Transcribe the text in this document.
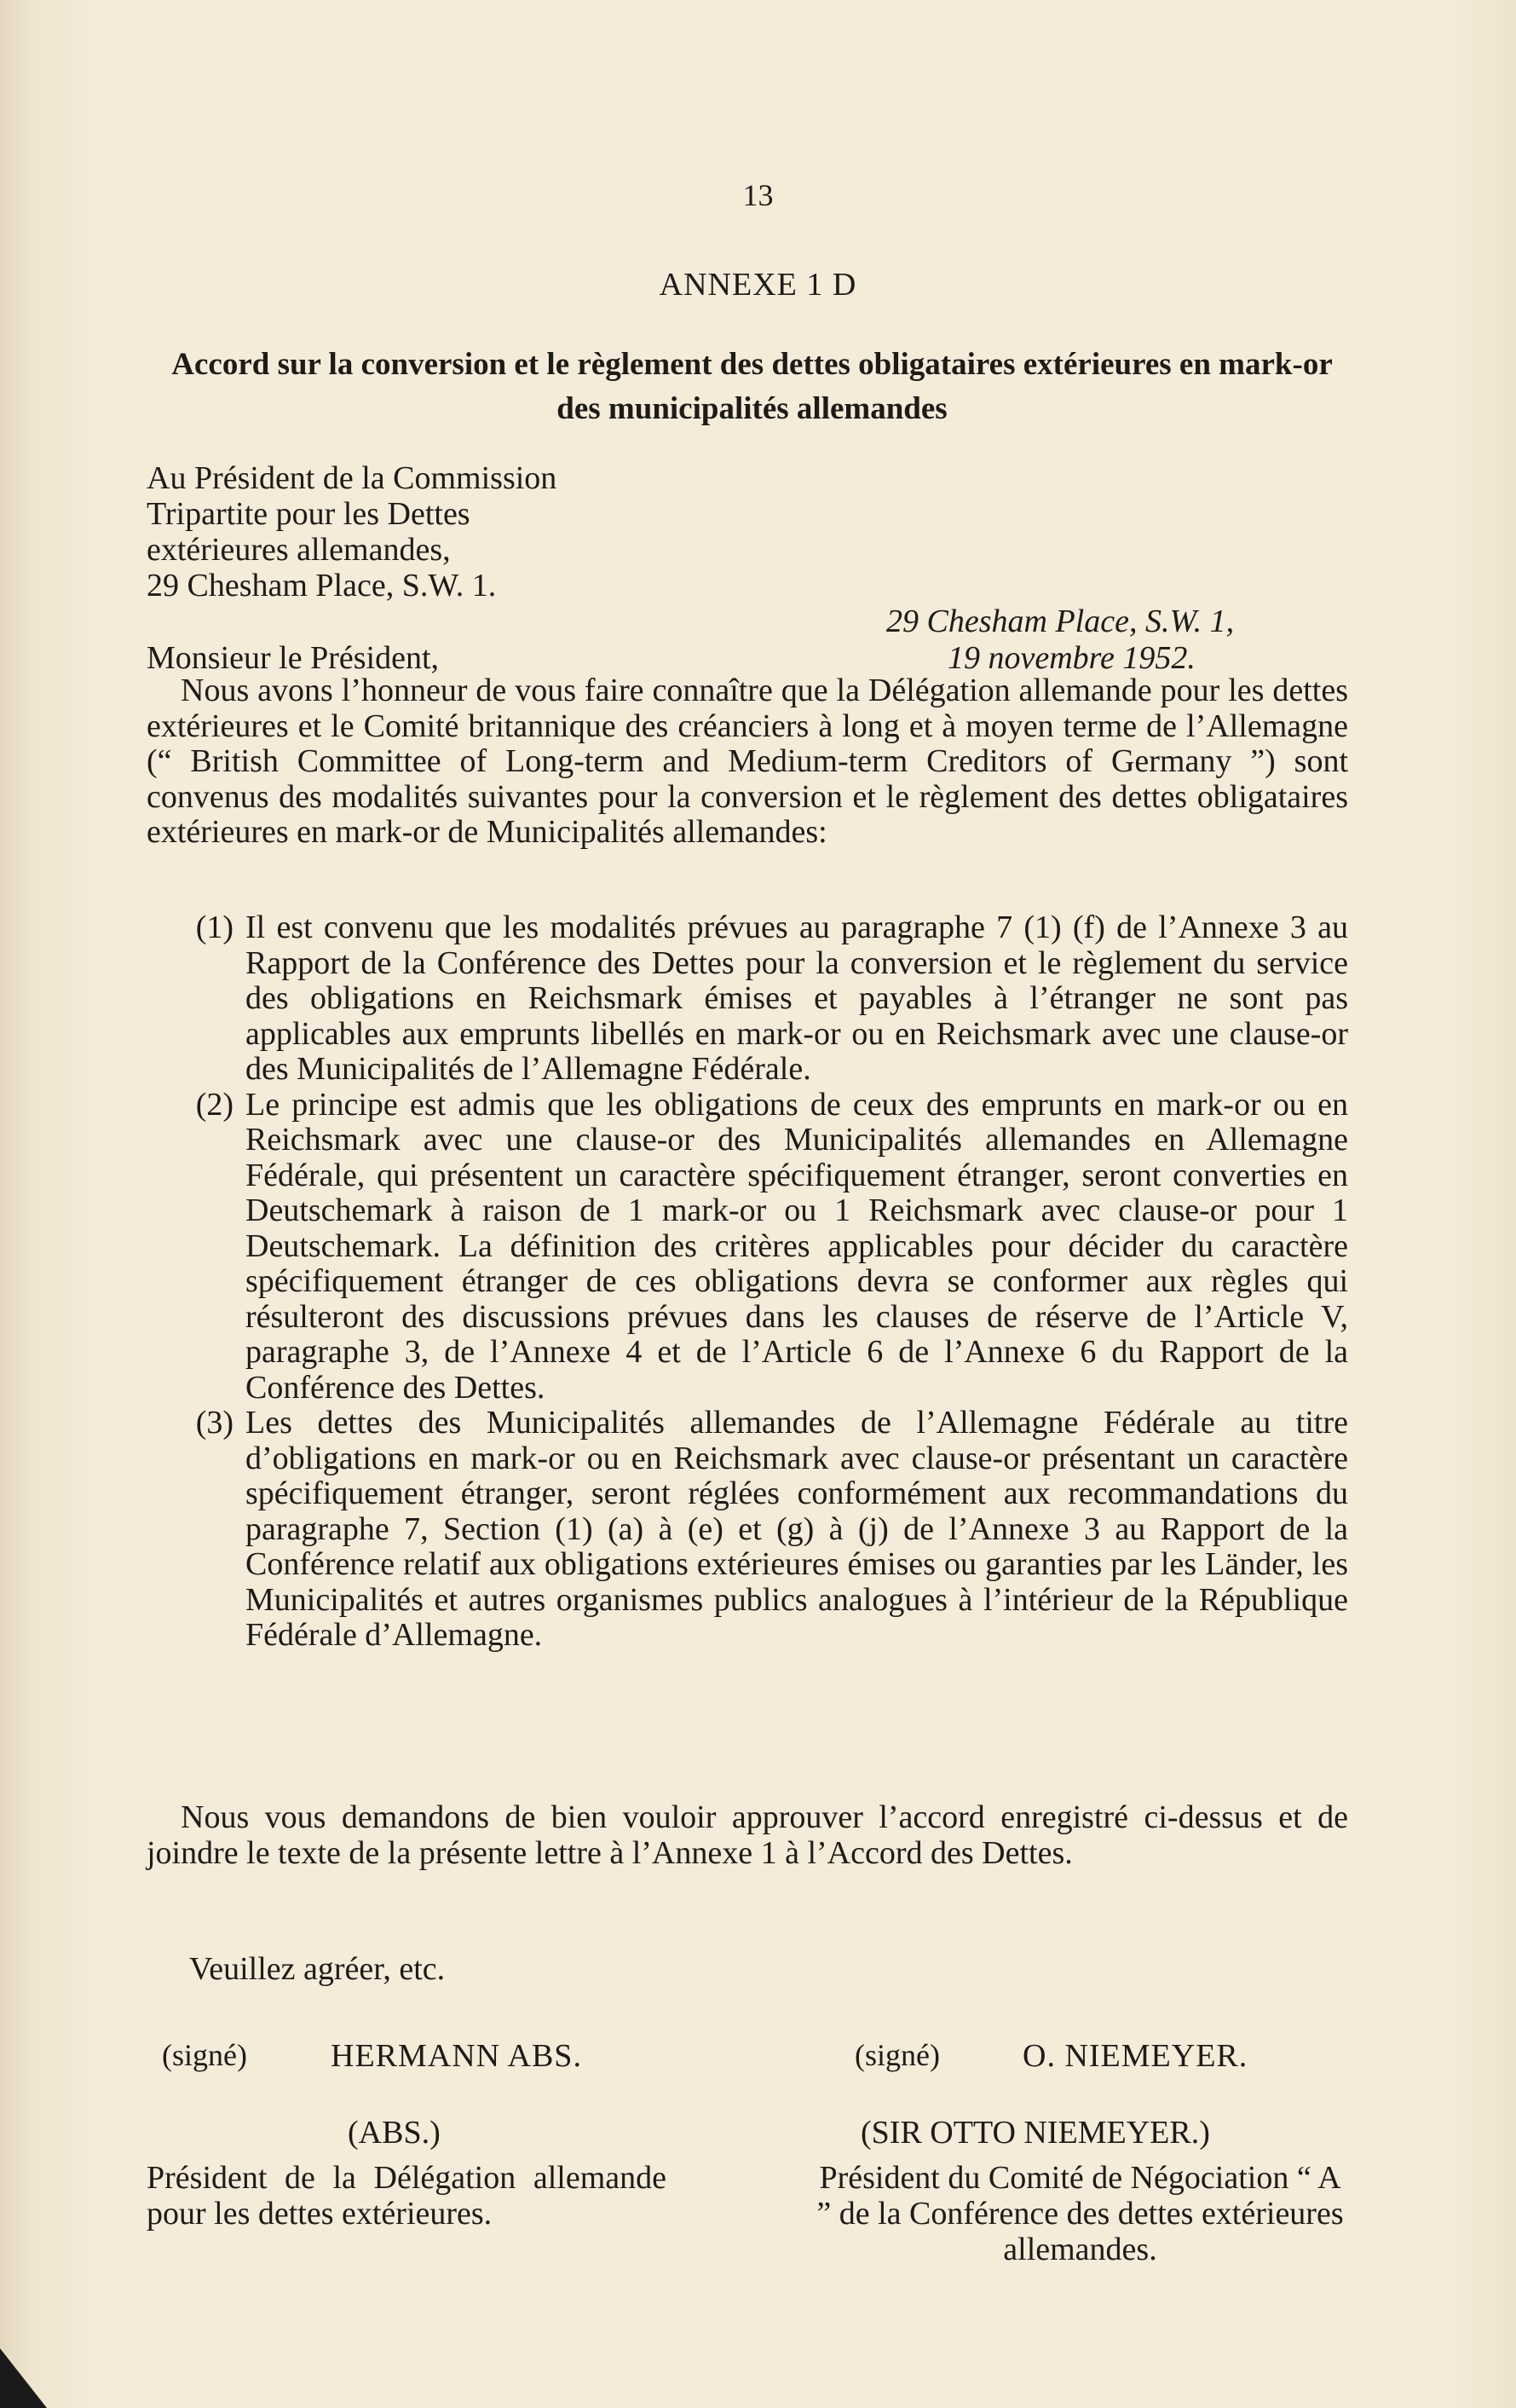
13
ANNEXE 1 D
Accord sur la conversion et le règlement des dettes obligataires extérieures en mark-or des municipalités allemandes
Au Président de la Commission
Tripartite pour les Dettes
extérieures allemandes,
29 Chesham Place, S.W. 1.
29 Chesham Place, S.W. 1,
Monsieur le Président,	19 novembre 1952.

Nous avons l’honneur de vous faire connaître que la Délégation allemande pour les dettes extérieures et le Comité britannique des créanciers à long et à moyen terme de l’Allemagne (“ British Committee of Long-term and Medium-term Creditors of Germany ”) sont convenus des modalités suivantes pour la conversion et le règlement des dettes obligataires extérieures en mark-or de Municipalités allemandes:

(1) Il est convenu que les modalités prévues au paragraphe 7 (1) (f) de l’Annexe 3 au Rapport de la Conférence des Dettes pour la conversion et le règlement du service des obligations en Reichsmark émises et payables à l’étranger ne sont pas applicables aux emprunts libellés en mark-or ou en Reichsmark avec une clause-or des Municipalités de l’Allemagne Fédérale.
(2) Le principe est admis que les obligations de ceux des emprunts en mark-or ou en Reichsmark avec une clause-or des Municipalités allemandes en Allemagne Fédérale, qui présentent un caractère spécifiquement étranger, seront converties en Deutschemark à raison de 1 mark-or ou 1 Reichsmark avec clause-or pour 1 Deutschemark. La définition des critères applicables pour décider du caractère spécifiquement étranger de ces obligations devra se conformer aux règles qui résulteront des discussions prévues dans les clauses de réserve de l’Article V, paragraphe 3, de l’Annexe 4 et de l’Article 6 de l’Annexe 6 du Rapport de la Conférence des Dettes.
(3) Les dettes des Municipalités allemandes de l’Allemagne Fédérale au titre d’obligations en mark-or ou en Reichsmark avec clause-or présentant un caractère spécifiquement étranger, seront réglées conformément aux recommandations du paragraphe 7, Section (1) (a) à (e) et (g) à (j) de l’Annexe 3 au Rapport de la Conférence relatif aux obligations extérieures émises ou garanties par les Länder, les Municipalités et autres organismes publics analogues à l’intérieur de la République Fédérale d’Allemagne.

Nous vous demandons de bien vouloir approuver l’accord enregistré ci-dessus et de joindre le texte de la présente lettre à l’Annexe 1 à l’Accord des Dettes.

Veuillez agréer, etc.
(signé)	HERMANN ABS.	(signé)	O. NIEMEYER.
(ABS.)	(SIR OTTO NIEMEYER.)

Président de la Délégation allemande pour les dettes extérieures.

Président du Comité de Négociation “ A ” de la Conférence des dettes extérieures allemandes.
